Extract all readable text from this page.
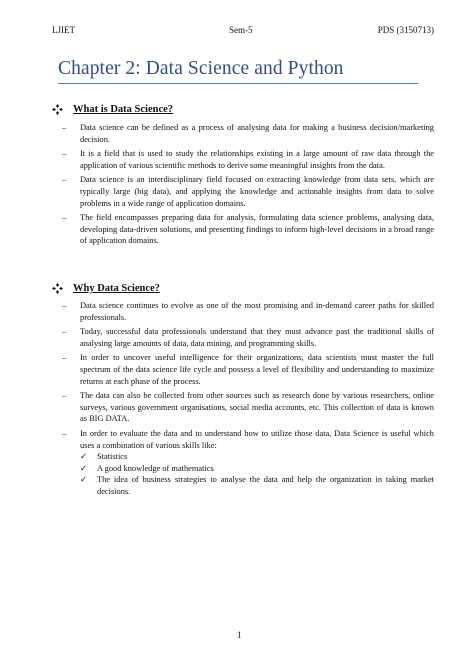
LJIET	Sem-5	PDS (3150713)
Chapter 2: Data Science and Python
What is Data Science?
– Data science can be defined as a process of analysing data for making a business decision/marketing decision.
– It is a field that is used to study the relationships existing in a large amount of raw data through the application of various scientific methods to derive some meaningful insights from the data.
– Data science is an interdisciplinary field focused on extracting knowledge from data sets, which are typically large (big data), and applying the knowledge and actionable insights from data to solve problems in a wide range of application domains.
– The field encompasses preparing data for analysis, formulating data science problems, analysing data, developing data-driven solutions, and presenting findings to inform high-level decisions in a broad range of application domains.
Why Data Science?
– Data science continues to evolve as one of the most promising and in-demand career paths for skilled professionals.
– Today, successful data professionals understand that they must advance past the traditional skills of analysing large amounts of data, data mining, and programming skills.
– In order to uncover useful intelligence for their organizations, data scientists must master the full spectrum of the data science life cycle and possess a level of flexibility and understanding to maximize returns at each phase of the process.
– The data can also be collected from other sources such as research done by various researchers, online surveys, various government organisations, social media accounts, etc. This collection of data is known as BIG DATA.
– In order to evaluate the data and to understand how to utilize those data, Data Science is useful which uses a combination of various skills like:
✓ Statistics
✓ A good knowledge of mathematics
✓ The idea of business strategies to analyse the data and help the organization in taking market decisions.
1
